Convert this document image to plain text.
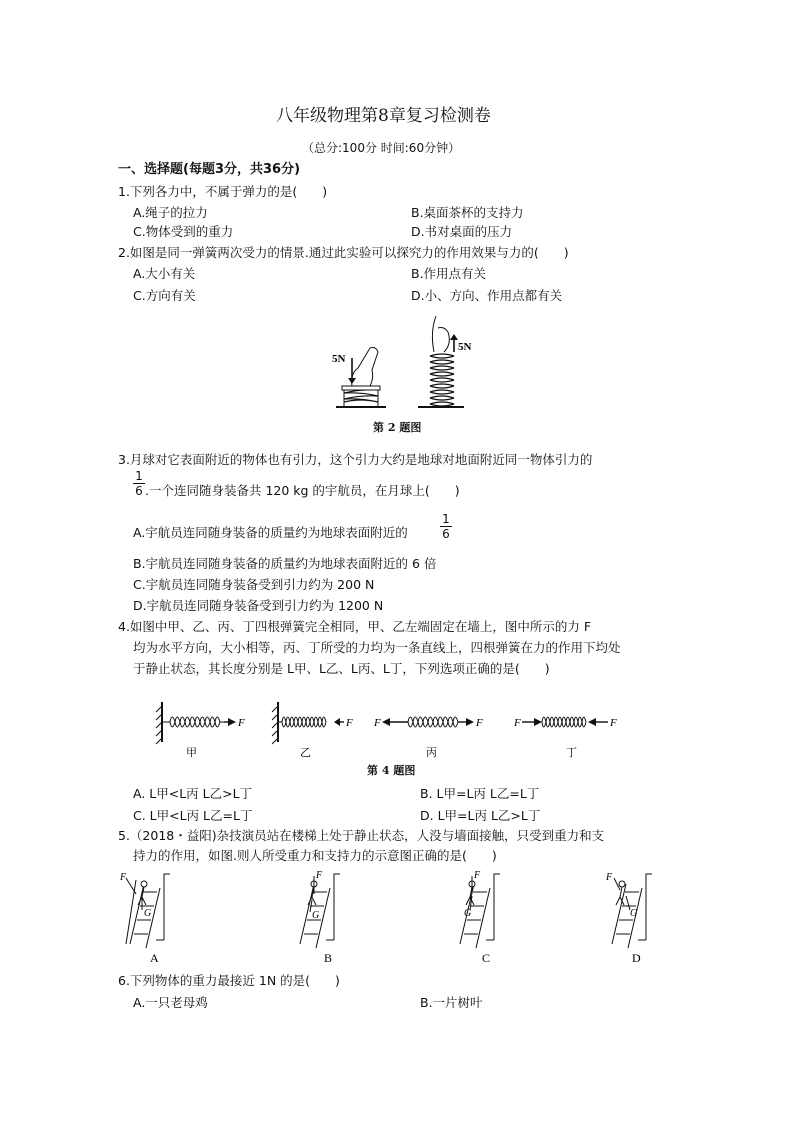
八年级物理第8章复习检测卷
（总分:100分 时间:60分钟）
一、选择题(每题3分，共36分)
1.下列各力中，不属于弹力的是(　　)
A.绳子的拉力	B.桌面茶杯的支持力
C.物体受到的重力	D.书对桌面的压力
2.如图是同一弹簧两次受力的情景.通过此实验可以探究力的作用效果与力的(　　)
A.大小有关	B.作用点有关
C.方向有关	D.小、方向、作用点都有关
5N
5N
第 2 题图
3.月球对它表面附近的物体也有引力，这个引力大约是地球对地面附近同一物体引力的
$\frac{1}{6}$ .一个连同随身装备共 120 kg 的宇航员，在月球上(　　)
A.宇航员连同随身装备的质量约为地球表面附近的	$\frac{1}{6}$
B.宇航员连同随身装备的质量约为地球表面附近的 6 倍
C.宇航员连同随身装备受到引力约为 200 N
D.宇航员连同随身装备受到引力约为 1200 N
4.如图中甲、乙、丙、丁四根弹簧完全相同，甲、乙左端固定在墙上，图中所示的力 F
均为水平方向，大小相等，丙、丁所受的力均为一条直线上，四根弹簧在力的作用下均处
于静止状态，其长度分别是 L甲、L乙、L丙、L丁，下列选项正确的是(　　)
F
甲
F
乙
F	F
丙
F	F
丁
第 4 题图
A. L甲<L丙 L乙>L丁	B. L甲=L丙 L乙=L丁
C. L甲<L丙 L乙=L丁	D. L甲=L丙 L乙>L丁
5.（2018・益阳)杂技演员站在楼梯上处于静止状态，人没与墙面接触，只受到重力和支
持力的作用，如图.则人所受重力和支持力的示意图正确的是(　　)
F
G
A
F
G
B
F
G
C
F
G
D
6.下列物体的重力最接近 1N 的是(　　)
A.一只老母鸡	B.一片树叶
